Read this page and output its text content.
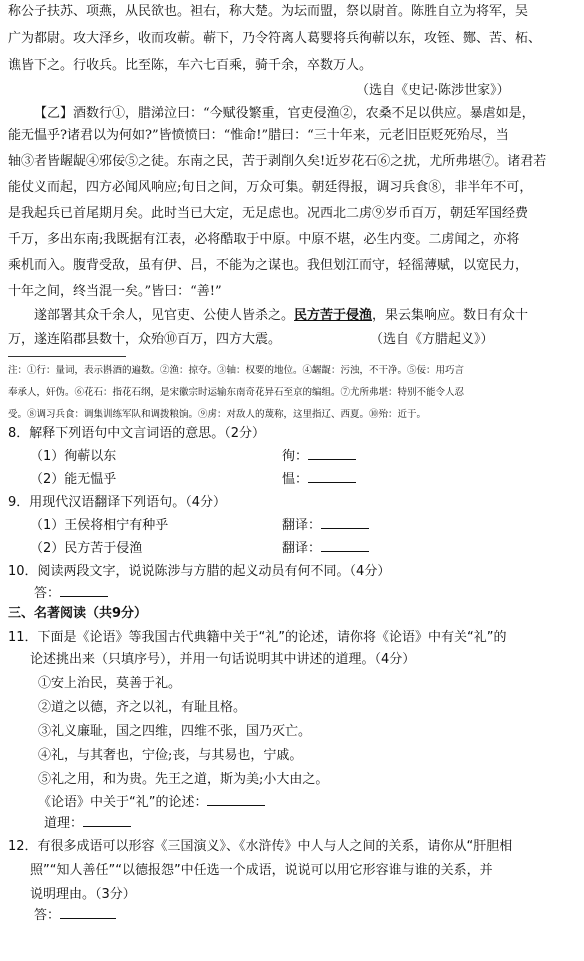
称公子扶苏、项燕，从民欲也。袒右，称大楚。为坛而盟，祭以尉首。陈胜自立为将军，吴
广为都尉。攻大泽乡，收而攻蕲。蕲下，乃令符离人葛婴将兵徇蕲以东，攻铚、酂、苦、柘、
谯皆下之。行收兵。比至陈，车六七百乘，骑千余，卒数万人。
（选自《史记·陈涉世家》）
【乙】酒数行①，腊涕泣曰：“今赋役繁重，官吏侵渔②，农桑不足以供应。暴虐如是，
能无愠乎?诸君以为何如?”皆愤愤曰：“惟命!”腊曰：“三十年来，元老旧臣贬死殆尽，当
轴③者皆龌龊④邪佞⑤之徒。东南之民，苦于剥削久矣!近岁花石⑥之扰，尤所弗堪⑦。诸君若
能仗义而起，四方必闻风响应;旬日之间，万众可集。朝廷得报，调习兵食⑧，非半年不可，
是我起兵已首尾期月矣。此时当已大定，无足虑也。况西北二虏⑨岁币百万，朝廷军国经费
千万，多出东南;我既据有江表，必将酷取于中原。中原不堪，必生内变。二虏闻之，亦将
乘机而入。腹背受敌，虽有伊、吕，不能为之谋也。我但划江而守，轻徭薄赋，以宽民力，
十年之间，终当混一矣。”皆曰：“善!”
遂部署其众千余人，见官吏、公使人皆杀之。民方苦于侵渔，果云集响应。数日有众十
万，遂连陷郡县数十，众殆⑩百万，四方大震。	（选自《方腊起义》）
注：①行：量词，表示斟酒的遍数。②渔：掠夺。③轴：权要的地位。④龌龊：污浊，不干净。⑤佞：用巧言
奉承人，奸伪。⑥花石：指花石纲，是宋徽宗时运输东南奇花异石至京的编组。⑦尤所弗堪：特别不能令人忍
受。⑧调习兵食：调集训练军队和调拨粮饷。⑨虏：对敌人的蔑称，这里指辽、西夏。⑩殆：近于。
8．解释下列语句中文言词语的意思。（2分）
（1）徇蕲以东	徇：
（2）能无愠乎	愠：
9．用现代汉语翻译下列语句。（4分）
（1）王侯将相宁有种乎	翻译：
（2）民方苦于侵渔	翻译：
10．阅读两段文字，说说陈涉与方腊的起义动员有何不同。（4分）
答：
三、名著阅读（共9分）
11．下面是《论语》等我国古代典籍中关于“礼”的论述，请你将《论语》中有关“礼”的
论述挑出来（只填序号），并用一句话说明其中讲述的道理。（4分）
①安上治民，莫善于礼。
②道之以德，齐之以礼，有耻且格。
③礼义廉耻，国之四维，四维不张，国乃灭亡。
④礼，与其奢也，宁俭;丧，与其易也，宁戚。
⑤礼之用，和为贵。先王之道，斯为美;小大由之。
《论语》中关于“礼”的论述：
道理：
12．有很多成语可以形容《三国演义》、《水浒传》中人与人之间的关系，请你从“肝胆相
照”“知人善任”“以德报怨”中任选一个成语，说说可以用它形容谁与谁的关系，并
说明理由。（3分）
答：
